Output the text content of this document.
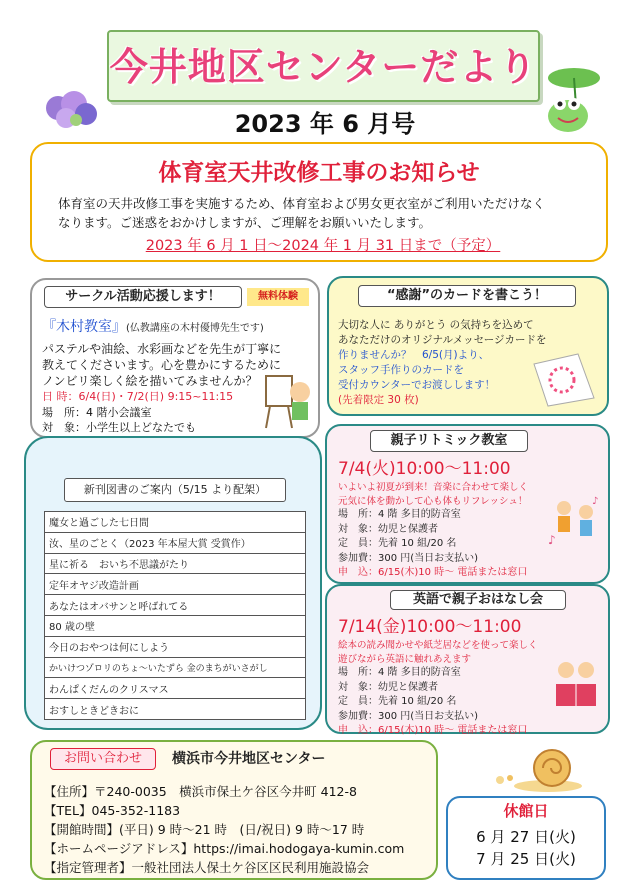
今井地区センターだより
2023 年 6 月号
体育室天井改修工事のお知らせ
体育室の天井改修工事を実施するため、体育室および男女更衣室がご利用いただけなく
なります。ご迷惑をおかけしますが、ご理解をお願いいたします。
2023 年 6 月 1 日～2024 年 1 月 31 日まで（予定）
サークル活動応援します！	無料体験
『木村教室』(仏教講座の木村優博先生です)
パステルや油絵、水彩画などを先生が丁寧に
教えてくださいます。心を豊かにするために
ノンビリ楽しく絵を描いてみませんか？
日 時：6/4(日)・7/2(日) 9:15~11:15
場　所：4 階小会議室
対　象：小学生以上どなたでも
“感謝”のカードを書こう！
大切な人に ありがとう の気持ちを込めて
あなただけのオリジナルメッセージカードを
作りませんか？　6/5(月)より、
スタッフ手作りのカードを
受付カウンターでお渡しします！
(先着限定 30 枚)
新刊図書のご案内（5/15 より配架）
魔女と過ごした七日間
汝、星のごとく（2023 年本屋大賞 受賞作）
星に祈る　おいち不思議がたり
定年オヤジ改造計画
あなたはオバサンと呼ばれてる
80 歳の壁
今日のおやつは何にしよう
かいけつゾロリのちょ～いたずら 金のまちがいさがし
わんぱくだんのクリスマス
おすしときどきおに
親子リトミック教室
7/4(火)10:00～11:00
いよいよ初夏が到来！音楽に合わせて楽しく
元気に体を動かして心も体もリフレッシュ！
場　所：4 階 多目的防音室
対　象：幼児と保護者
定　員：先着 10 組/20 名
参加費：300 円(当日お支払い)
申　込：6/15(木)10 時～ 電話または窓口
♪
♪
英語で親子おはなし会
7/14(金)10:00～11:00
絵本の読み聞かせや紙芝居などを使って楽しく
遊びながら英語に触れあえます
場　所：4 階 多目的防音室
対　象：幼児と保護者
定　員：先着 10 組/20 名
参加費：300 円(当日お支払い)
申　込：6/15(木)10 時～ 電話または窓口
お問い合わせ	横浜市今井地区センター
【住所】〒240-0035　横浜市保土ケ谷区今井町 412-8
【TEL】045-352-1183
【開館時間】(平日) 9 時～21 時　(日/祝日) 9 時～17 時
【ホームページアドレス】https://imai.hodogaya-kumin.com
【指定管理者】一般社団法人保土ケ谷区区民利用施設協会
休館日
6 月 27 日(火)
7 月 25 日(火)
